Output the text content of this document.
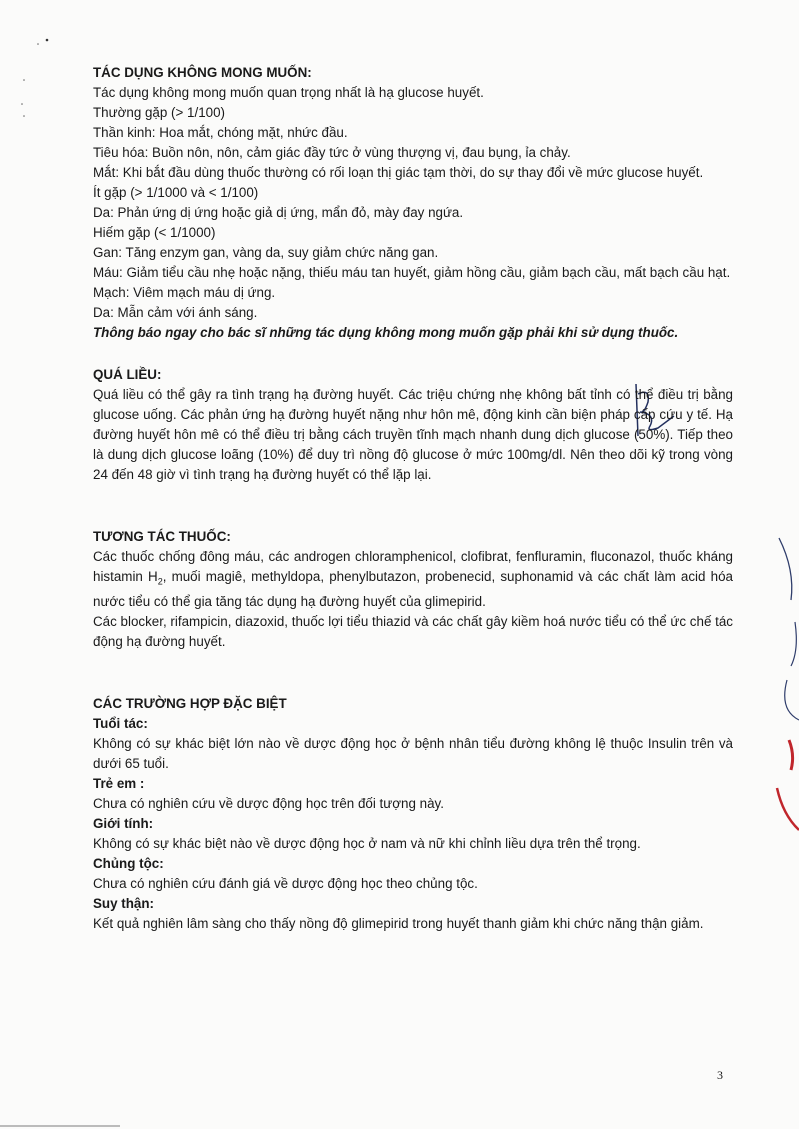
TÁC DỤNG KHÔNG MONG MUỐN:
Tác dụng không mong muốn quan trọng nhất là hạ glucose huyết.
Thường gặp (> 1/100)
Thần kinh: Hoa mắt, chóng mặt, nhức đầu.
Tiêu hóa: Buồn nôn, nôn, cảm giác đầy tức ở vùng thượng vị, đau bụng, ỉa chảy.
Mắt: Khi bắt đầu dùng thuốc thường có rối loạn thị giác tạm thời, do sự thay đổi về mức glucose huyết.
Ít gặp (> 1/1000 và < 1/100)
Da: Phản ứng dị ứng hoặc giả dị ứng, mẩn đỏ, mày đay ngứa.
Hiếm gặp (< 1/1000)
Gan: Tăng enzym gan, vàng da, suy giảm chức năng gan.
Máu: Giảm tiểu cầu nhẹ hoặc nặng, thiếu máu tan huyết, giảm hồng cầu, giảm bạch cầu, mất bạch cầu hạt.
Mạch: Viêm mạch máu dị ứng.
Da: Mẫn cảm với ánh sáng.
Thông báo ngay cho bác sĩ những tác dụng không mong muốn gặp phải khi sử dụng thuốc.
QUÁ LIỀU:
Quá liều có thể gây ra tình trạng hạ đường huyết. Các triệu chứng nhẹ không bất tỉnh có thể điều trị bằng glucose uống. Các phản ứng hạ đường huyết nặng như hôn mê, động kinh cần biện pháp cấp cứu y tế. Hạ đường huyết hôn mê có thể điều trị bằng cách truyền tĩnh mạch nhanh dung dịch glucose (50%). Tiếp theo là dung dịch glucose loãng (10%) để duy trì nồng độ glucose ở mức 100mg/dl. Nên theo dõi kỹ trong vòng 24 đến 48 giờ vì tình trạng hạ đường huyết có thể lặp lại.
TƯƠNG TÁC THUỐC:
Các thuốc chống đông máu, các androgen chloramphenicol, clofibrat, fenfluramin, fluconazol, thuốc kháng histamin $H_2$, muối magiê, methyldopa, phenylbutazon, probenecid, suphonamid và các chất làm acid hóa nước tiểu có thể gia tăng tác dụng hạ đường huyết của glimepirid.
Các blocker, rifampicin, diazoxid, thuốc lợi tiểu thiazid và các chất gây kiềm hoá nước tiểu có thể ức chế tác động hạ đường huyết.
CÁC TRƯỜNG HỢP ĐẶC BIỆT
Tuổi tác:
Không có sự khác biệt lớn nào về dược động học ở bệnh nhân tiểu đường không lệ thuộc Insulin trên và dưới 65 tuổi.
Trẻ em :
Chưa có nghiên cứu về dược động học trên đối tượng này.
Giới tính:
Không có sự khác biệt nào về dược động học ở nam và nữ khi chỉnh liều dựa trên thể trọng.
Chủng tộc:
Chưa có nghiên cứu đánh giá về dược động học theo chủng tộc.
Suy thận:
Kết quả nghiên lâm sàng cho thấy nồng độ glimepirid trong huyết thanh giảm khi chức năng thận giảm.
3
